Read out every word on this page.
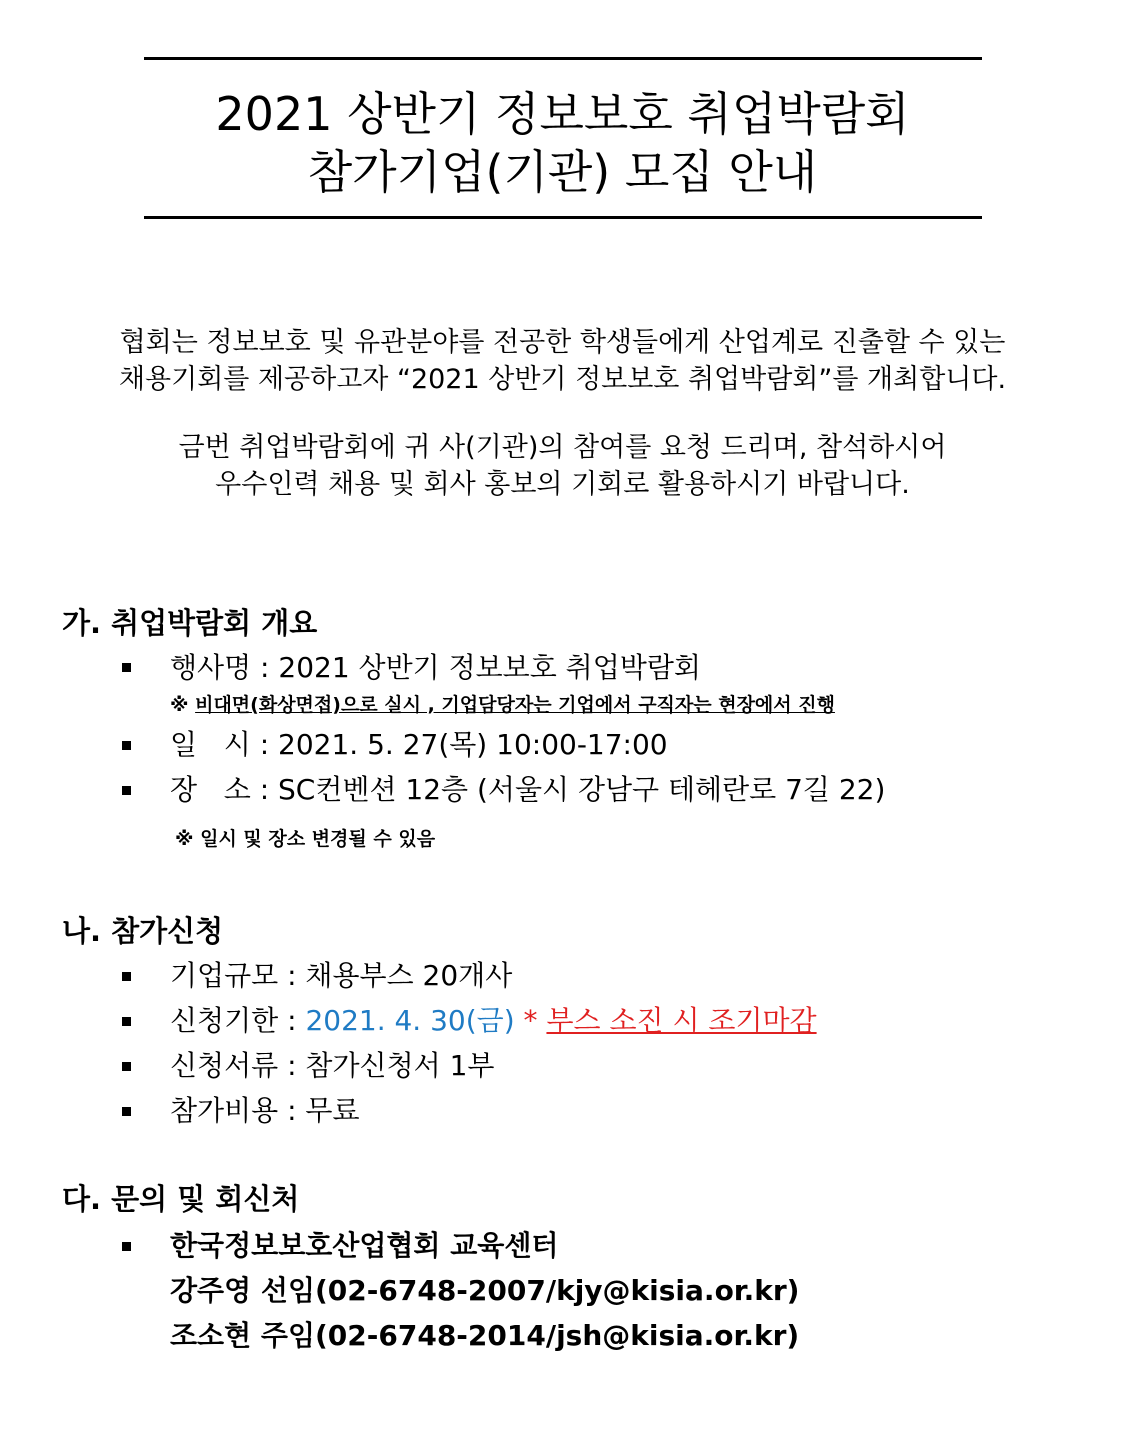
2021 상반기 정보보호 취업박람회
참가기업(기관) 모집 안내
협회는 정보보호 및 유관분야를 전공한 학생들에게 산업계로 진출할 수 있는
채용기회를 제공하고자 “2021 상반기 정보보호 취업박람회”를 개최합니다.
금번 취업박람회에 귀 사(기관)의 참여를 요청 드리며, 참석하시어
우수인력 채용 및 회사 홍보의 기회로 활용하시기 바랍니다.
가. 취업박람회 개요
행사명 : 2021 상반기 정보보호 취업박람회
※ 비대면(화상면접)으로 실시 , 기업담당자는 기업에서 구직자는 현장에서 진행
일   시 : 2021. 5. 27(목) 10:00-17:00
장   소 : SC컨벤션 12층 (서울시 강남구 테헤란로 7길 22)
※ 일시 및 장소 변경될 수 있음
나. 참가신청
기업규모 : 채용부스 20개사
신청기한 : 2021. 4. 30(금) * 부스 소진 시 조기마감
신청서류 : 참가신청서 1부
참가비용 : 무료
다. 문의 및 회신처
한국정보보호산업협회 교육센터
강주영 선임(02-6748-2007/kjy@kisia.or.kr)
조소현 주임(02-6748-2014/jsh@kisia.or.kr)
